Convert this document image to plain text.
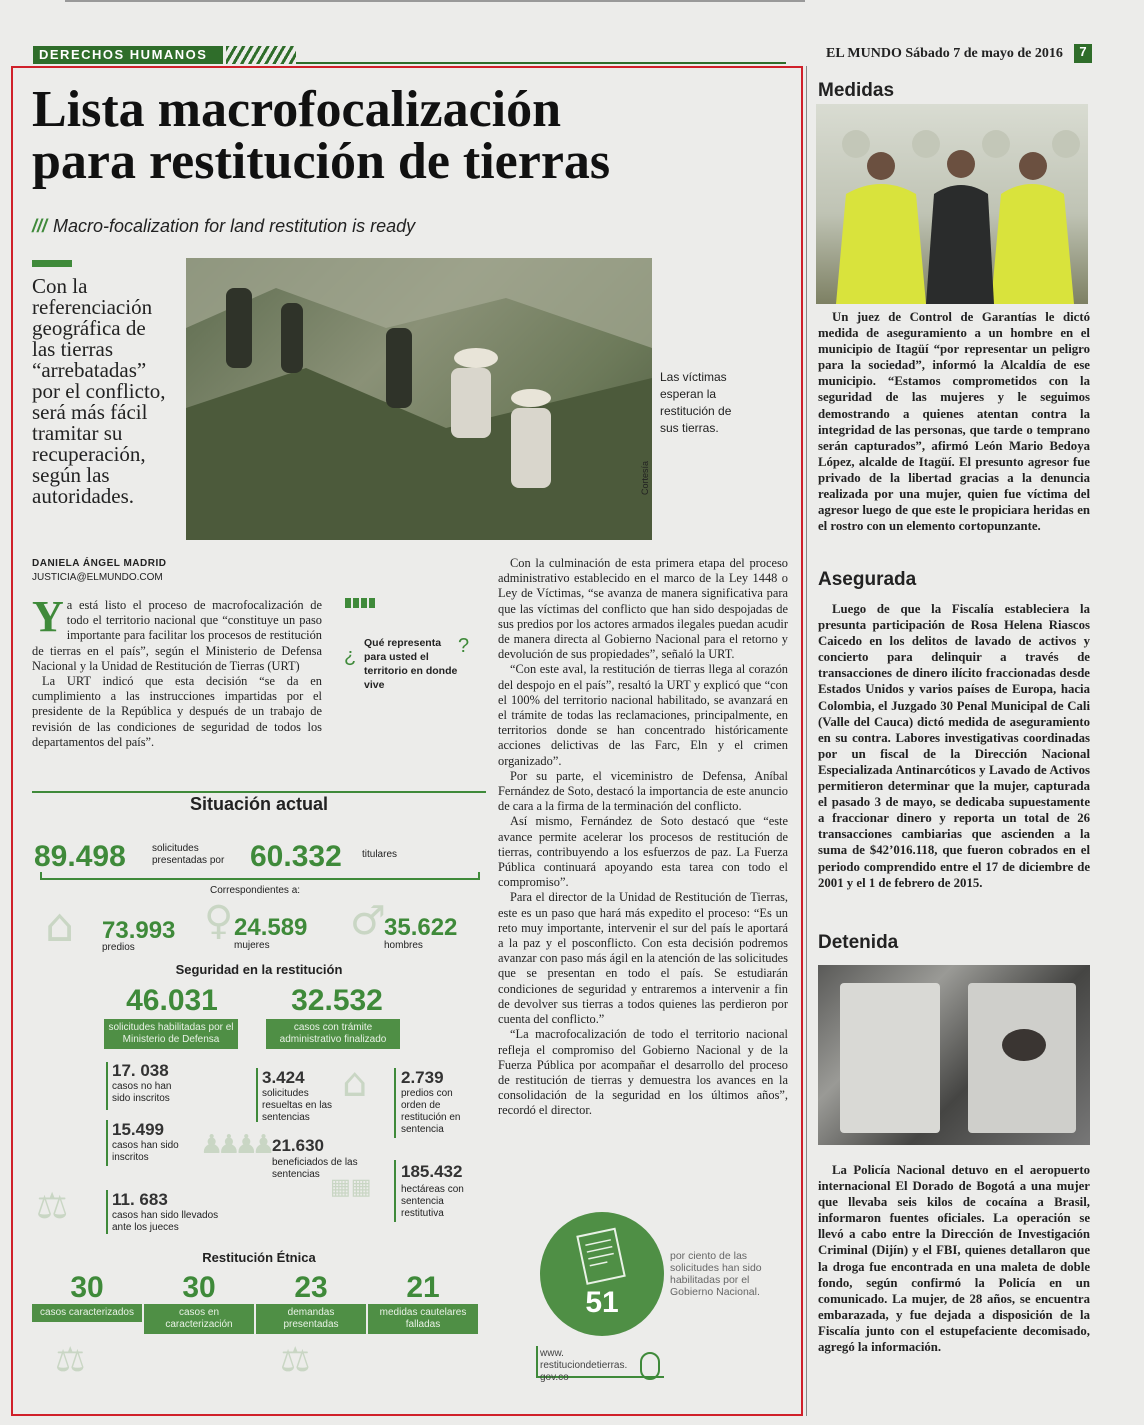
DERECHOS HUMANOS	EL MUNDO Sábado 7 de mayo de 2016	7
Lista macrofocalización
para restitución de tierras
/// Macro-focalization for land restitution is ready
Con la referenciación geográfica de las tierras “arrebatadas” por el conflicto, será más fácil tramitar su recuperación, según las autoridades.
Las víctimas esperan la restitución de sus tierras.
Cortesía
DANIELA ÁNGEL MADRID
JUSTICIA@ELMUNDO.COM

Ya está listo el proceso de macrofocalización de todo el territorio nacional que “constituye un paso importante para facilitar los procesos de restitución de tierras en el país”, según el Ministerio de Defensa Nacional y la Unidad de Restitución de Tierras (URT)

La URT indicó que esta decisión “se da en cumplimiento a las instrucciones impartidas por el presidente de la República y después de un trabajo de revisión de las condiciones de seguridad de todos los departamentos del país”.

¿	?
Qué representa para usted el territorio en donde vive

Con la culminación de esta primera etapa del proceso administrativo establecido en el marco de la Ley 1448 o Ley de Víctimas, “se avanza de manera significativa para que las víctimas del conflicto que han sido despojadas de sus predios por los actores armados ilegales puedan acudir de manera directa al Gobierno Nacional para el retorno y devolución de sus propiedades”, señaló la URT.

“Con este aval, la restitución de tierras llega al corazón del despojo en el país”, resaltó la URT y explicó que “con el 100% del territorio nacional habilitado, se avanzará en el trámite de todas las reclamaciones, principalmente, en territorios donde se han concentrado históricamente acciones delictivas de las Farc, Eln y el crimen organizado”.

Por su parte, el viceministro de Defensa, Aníbal Fernández de Soto, destacó la importancia de este anuncio de cara a la firma de la terminación del conflicto.

Así mismo, Fernández de Soto destacó que “este avance permite acelerar los procesos de restitución de tierras, contribuyendo a los esfuerzos de paz. La Fuerza Pública continuará apoyando esta tarea con todo el compromiso”.

Para el director de la Unidad de Restitución de Tierras, este es un paso que hará más expedito el proceso: “Es un reto muy importante, intervenir el sur del país le aportará a la paz y el posconflicto. Con esta decisión podremos avanzar con paso más ágil en la atención de las solicitudes que se presentan en todo el país. Se estudiarán condiciones de seguridad y entraremos a intervenir a fin de devolver sus tierras a todos quienes las perdieron por cuenta del conflicto.”

“La macrofocalización de todo el territorio nacional refleja el compromiso del Gobierno Nacional y de la Fuerza Pública por acompañar el desarrollo del proceso de restitución de tierras y demuestra los avances en la consolidación de la seguridad en los últimos años”, recordó el director.

Situación actual
89.498	solicitudes presentadas por 60.332 titulares
Correspondientes a:
⌂ 73.993
predios
♀ 24.589
mujeres
♂
35.622
hombres
Seguridad en la restitución
46.031
solicitudes habilitadas por el Ministerio de Defensa
32.532
casos con trámite administrativo finalizado
17. 038
casos no han sido inscritos
3.424
solicitudes resueltas en las sentencias
⌂ 2.739
predios con orden de restitución en sentencia
15.499
casos han sido inscritos	♟♟♟♟ 21.630
beneficiados de las sentencias	185.432
hectáreas con sentencia restitutiva
▦▦
⚖	11. 683
casos han sido llevados ante los jueces
Restitución Étnica
30
casos caracterizados
30
casos en caracterización
23
demandas presentadas
21
medidas cautelares falladas
⚖	⚖
51
por ciento de las solicitudes han sido habilitadas por el Gobierno Nacional.
www. restituciondetierras. gov.co
Medidas
Un juez de Control de Garantías le dictó medida de aseguramiento a un hombre en el municipio de Itagüí “por representar un peligro para la sociedad”, informó la Alcaldía de ese municipio. “Estamos comprometidos con la seguridad de las mujeres y le seguimos demostrando a quienes atentan contra la integridad de las personas, que tarde o temprano serán capturados”, afirmó León Mario Bedoya López, alcalde de Itagüí. El presunto agresor fue privado de la libertad gracias a la denuncia realizada por una mujer, quien fue víctima del agresor luego de que este le propiciara heridas en el rostro con un elemento cortopunzante.
Asegurada
Luego de que la Fiscalía estableciera la presunta participación de Rosa Helena Riascos Caicedo en los delitos de lavado de activos y concierto para delinquir a través de transacciones de dinero ilícito fraccionadas desde Estados Unidos y varios países de Europa, hacia Colombia, el Juzgado 30 Penal Municipal de Cali (Valle del Cauca) dictó medida de aseguramiento en su contra. Labores investigativas coordinadas por un fiscal de la Dirección Nacional Especializada Antinarcóticos y Lavado de Activos permitieron determinar que la mujer, capturada el pasado 3 de mayo, se dedicaba supuestamente a fraccionar dinero y reporta un total de 26 transacciones cambiarias que ascienden a la suma de $42’016.118, que fueron cobrados en el periodo comprendido entre el 17 de diciembre de 2001 y el 1 de febrero de 2015.
Detenida
La Policía Nacional detuvo en el aeropuerto internacional El Dorado de Bogotá a una mujer que llevaba seis kilos de cocaína a Brasil, informaron fuentes oficiales. La operación se llevó a cabo entre la Dirección de Investigación Criminal (Dijín) y el FBI, quienes detallaron que la droga fue encontrada en una maleta de doble fondo, según confirmó la Policía en un comunicado. La mujer, de 28 años, se encuentra embarazada, y fue dejada a disposición de la Fiscalía junto con el estupefaciente decomisado, agregó la información.
